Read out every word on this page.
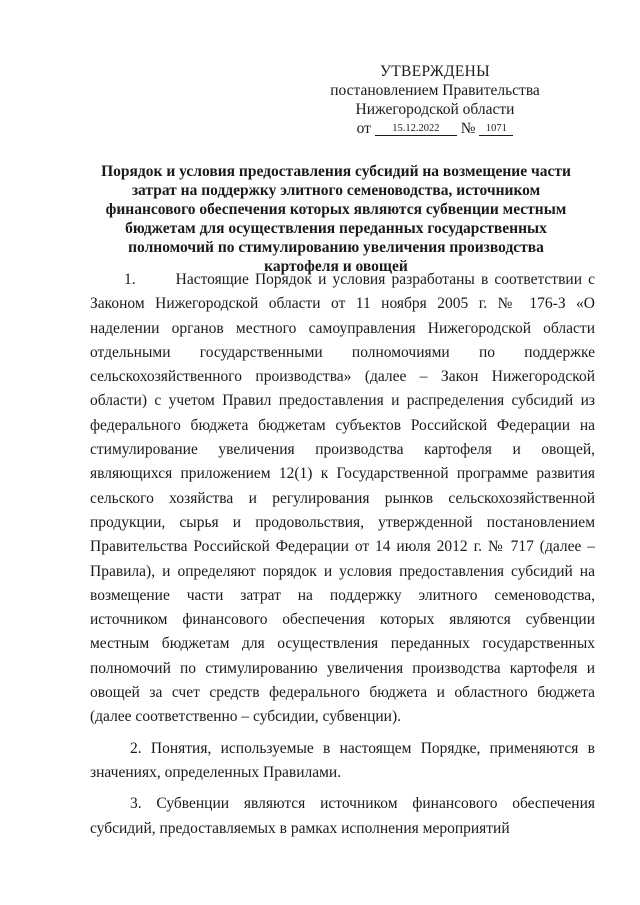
УТВЕРЖДЕНЫ
постановлением Правительства
Нижегородской области
от 15.12.2022 № 1071
Порядок и условия предоставления субсидий на возмещение части затрат на поддержку элитного семеноводства, источником финансового обеспечения которых являются субвенции местным бюджетам для осуществления переданных государственных полномочий по стимулированию увеличения производства картофеля и овощей

1.	Настоящие Порядок и условия разработаны в соответствии с Законом Нижегородской области от 11 ноября 2005 г. № 176-З «О наделении органов местного самоуправления Нижегородской области отдельными государственными полномочиями по поддержке сельскохозяйственного производства» (далее – Закон Нижегородской области) с учетом Правил предоставления и распределения субсидий из федерального бюджета бюджетам субъектов Российской Федерации на стимулирование увеличения производства картофеля и овощей, являющихся приложением 12(1) к Государственной программе развития сельского хозяйства и регулирования рынков сельскохозяйственной продукции, сырья и продовольствия, утвержденной постановлением Правительства Российской Федерации от 14 июля 2012 г. № 717 (далее – Правила), и определяют порядок и условия предоставления субсидий на возмещение части затрат на поддержку элитного семеноводства, источником финансового обеспечения которых являются субвенции местным бюджетам для осуществления переданных государственных полномочий по стимулированию увеличения производства картофеля и овощей за счет средств федерального бюджета и областного бюджета (далее соответственно – субсидии, субвенции).

2. Понятия, используемые в настоящем Порядке, применяются в значениях, определенных Правилами.

3. Субвенции являются источником финансового обеспечения субсидий, предоставляемых в рамках исполнения мероприятий
